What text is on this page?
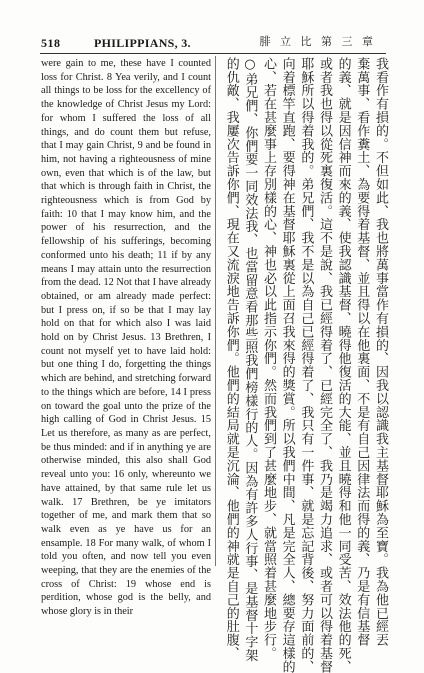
518	PHILIPPIANS, 3.	腓 立 比 第 三 章

were gain to me, these have I counted loss for Christ. 8 Yea verily, and I count all things to be loss for the excellency of the knowledge of Christ Jesus my Lord: for whom I suffered the loss of all things, and do count them but refuse, that I may gain Christ, 9 and be found in him, not having a righteousness of mine own, even that which is of the law, but that which is through faith in Christ, the righteousness which is from God by faith: 10 that I may know him, and the power of his resurrection, and the fellowship of his sufferings, becoming conformed unto his death; 11 if by any means I may attain unto the resurrection from the dead. 12 Not that I have already obtained, or am already made perfect: but I press on, if so be that I may lay hold on that for which also I was laid hold on by Christ Jesus. 13 Brethren, I count not myself yet to have laid hold: but one thing I do, forgetting the things which are behind, and stretching forward to the things which are before, 14 I press on toward the goal unto the prize of the high calling of God in Christ Jesus. 15 Let us therefore, as many as are perfect, be thus minded: and if in anything ye are otherwise minded, this also shall God reveal unto you: 16 only, whereunto we have attained, by that same rule let us walk. 17 Brethren, be ye imitators together of me, and mark them that so walk even as ye have us for an ensample. 18 For many walk, of whom I told you often, and now tell you even weeping, that they are the enemies of the cross of Christ: 19 whose end is perdition, whose god is the belly, and whose glory is in their	我看作有損的。不但如此、我也將萬事當作有損的、因我以認識我主基督耶穌為至寶。我為他已經丟
棄萬事、看作糞土、為要得着基督、並且得以在他裏面、不是有自己因律法而得的義、乃是有信基督
的義、就是因信神而來的義、使我認識基督、曉得他復活的大能、並且曉得和他一同受苦、效法他的死、
或者我也得以從死裏復活。這不是說、我已經得着了、已經完全了、我乃是竭力追求、或者可以得着基督
耶穌所以得着我的。弟兄們、我不是以為自己已經得着了、我只有一件事、就是忘記背後、努力面前的、
向着標竿直跑、要得神在基督耶穌裏從上面召我來得的獎賞。所以我們中間、凡是完全人、總要存這樣的
心、若在甚麼事上存別樣的心、神也必以此指示你們。然而我們到了甚麼地步、就當照着甚麼地步行。
○弟兄們、你們要一同效法我、也當留意看那些照我們榜樣行的人。因為有許多人行事、是基督十字架
的仇敵、我屢次告訴你們、現在又流淚地告訴你們。他們的結局就是沉淪、他們的神就是自己的肚腹、
